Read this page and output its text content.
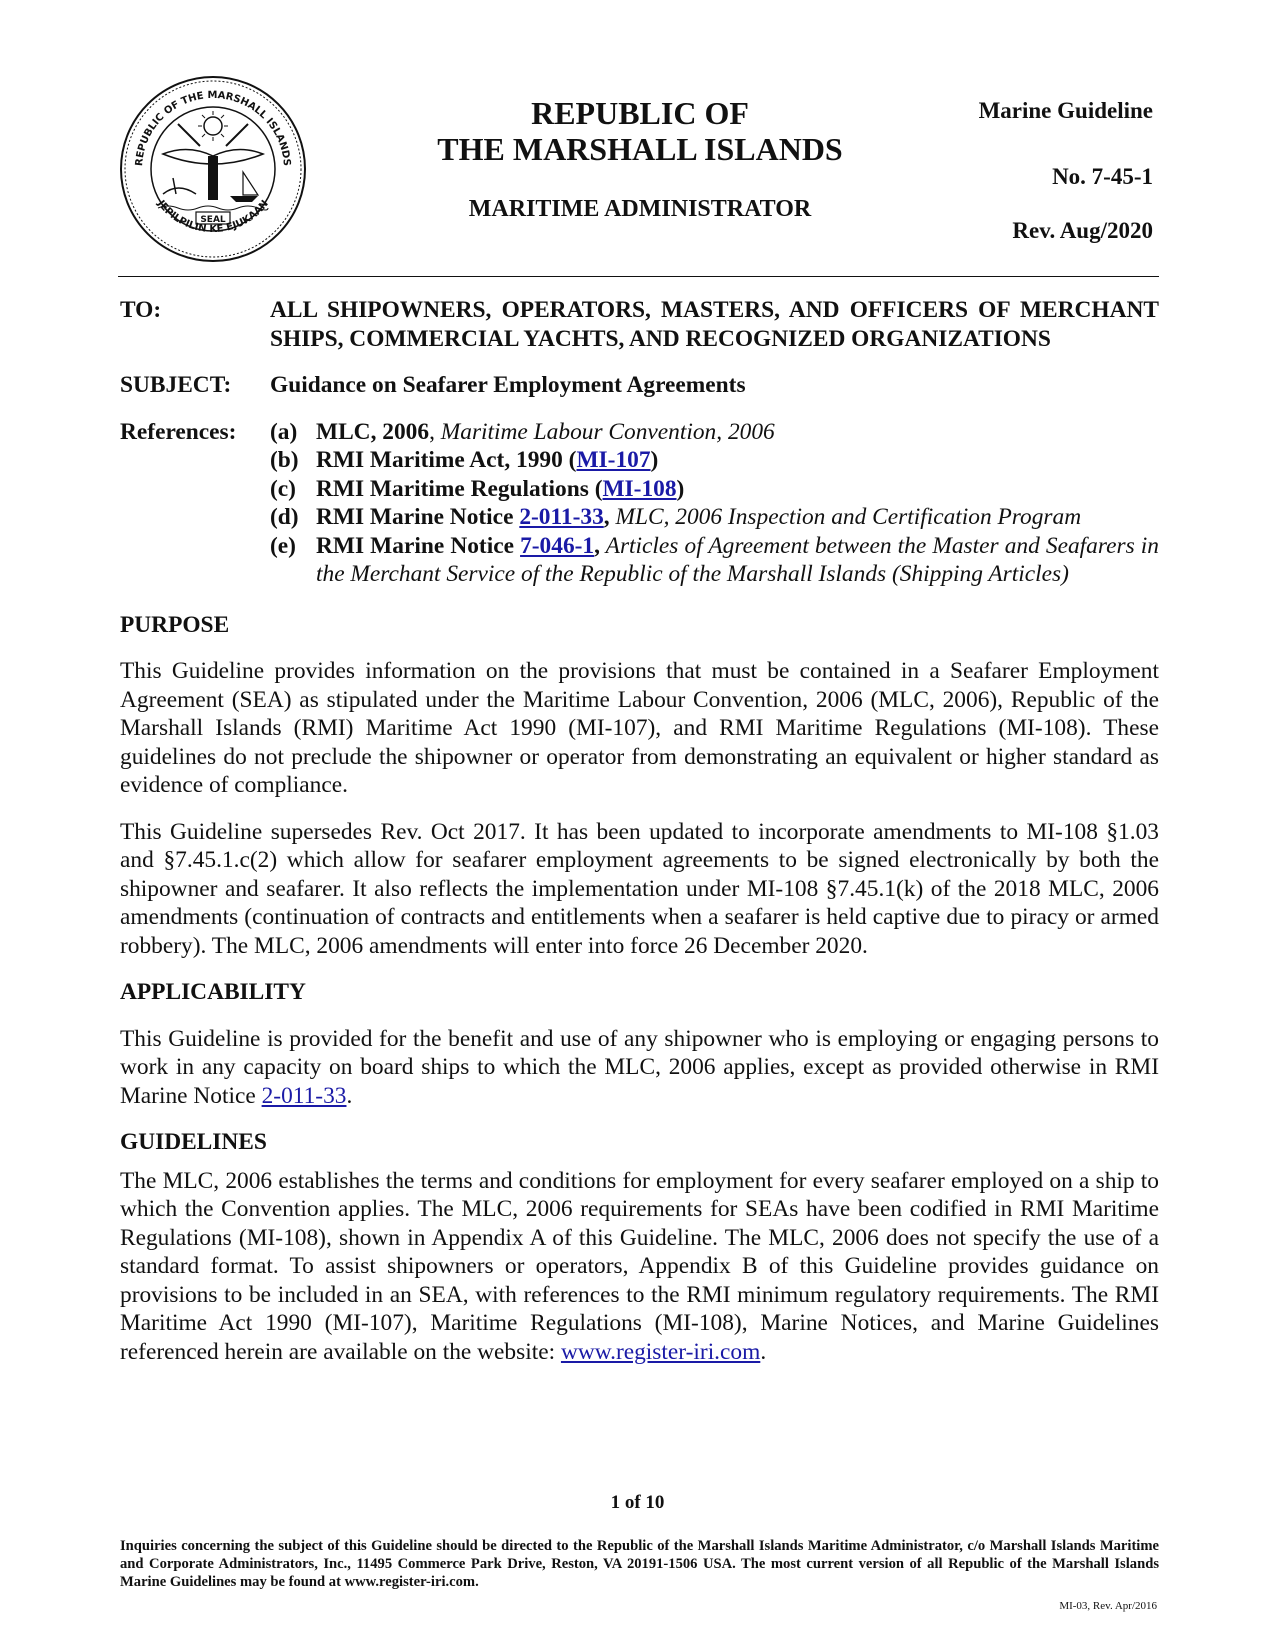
REPUBLIC OF THE MARSHALL ISLANDS
JEPILPILIN KE EJUKAAN
SEAL
REPUBLIC OF
THE MARSHALL ISLANDS
MARITIME ADMINISTRATOR
Marine Guideline
No. 7-45-1
Rev. Aug/2020
TO:	ALL SHIPOWNERS, OPERATORS, MASTERS, AND OFFICERS OF MERCHANT SHIPS, COMMERCIAL YACHTS, AND RECOGNIZED ORGANIZATIONS
SUBJECT:	Guidance on Seafarer Employment Agreements
References:	(a) MLC, 2006, Maritime Labour Convention, 2006
(b) RMI Maritime Act, 1990 (MI-107)
(c) RMI Maritime Regulations (MI-108)
(d) RMI Marine Notice 2-011-33, MLC, 2006 Inspection and Certification Program
(e) RMI Marine Notice 7-046-1, Articles of Agreement between the Master and Seafarers in the Merchant Service of the Republic of the Marshall Islands (Shipping Articles)
PURPOSE

This Guideline provides information on the provisions that must be contained in a Seafarer Employment Agreement (SEA) as stipulated under the Maritime Labour Convention, 2006 (MLC, 2006), Republic of the Marshall Islands (RMI) Maritime Act 1990 (MI-107), and RMI Maritime Regulations (MI-108). These guidelines do not preclude the shipowner or operator from demonstrating an equivalent or higher standard as evidence of compliance.

This Guideline supersedes Rev. Oct 2017. It has been updated to incorporate amendments to MI-108 §1.03 and §7.45.1.c(2) which allow for seafarer employment agreements to be signed electronically by both the shipowner and seafarer. It also reflects the implementation under MI-108 §7.45.1(k) of the 2018 MLC, 2006 amendments (continuation of contracts and entitlements when a seafarer is held captive due to piracy or armed robbery). The MLC, 2006 amendments will enter into force 26 December 2020.

APPLICABILITY

This Guideline is provided for the benefit and use of any shipowner who is employing or engaging persons to work in any capacity on board ships to which the MLC, 2006 applies, except as provided otherwise in RMI Marine Notice 2-011-33.

GUIDELINES

The MLC, 2006 establishes the terms and conditions for employment for every seafarer employed on a ship to which the Convention applies. The MLC, 2006 requirements for SEAs have been codified in RMI Maritime Regulations (MI-108), shown in Appendix A of this Guideline. The MLC, 2006 does not specify the use of a standard format. To assist shipowners or operators, Appendix B of this Guideline provides guidance on provisions to be included in an SEA, with references to the RMI minimum regulatory requirements. The RMI Maritime Act 1990 (MI-107), Maritime Regulations (MI-108), Marine Notices, and Marine Guidelines referenced herein are available on the website: www.register-iri.com.

1 of 10
Inquiries concerning the subject of this Guideline should be directed to the Republic of the Marshall Islands Maritime Administrator, c/o Marshall Islands Maritime and Corporate Administrators, Inc., 11495 Commerce Park Drive, Reston, VA 20191-1506 USA. The most current version of all Republic of the Marshall Islands Marine Guidelines may be found at www.register-iri.com.
MI-03, Rev. Apr/2016
